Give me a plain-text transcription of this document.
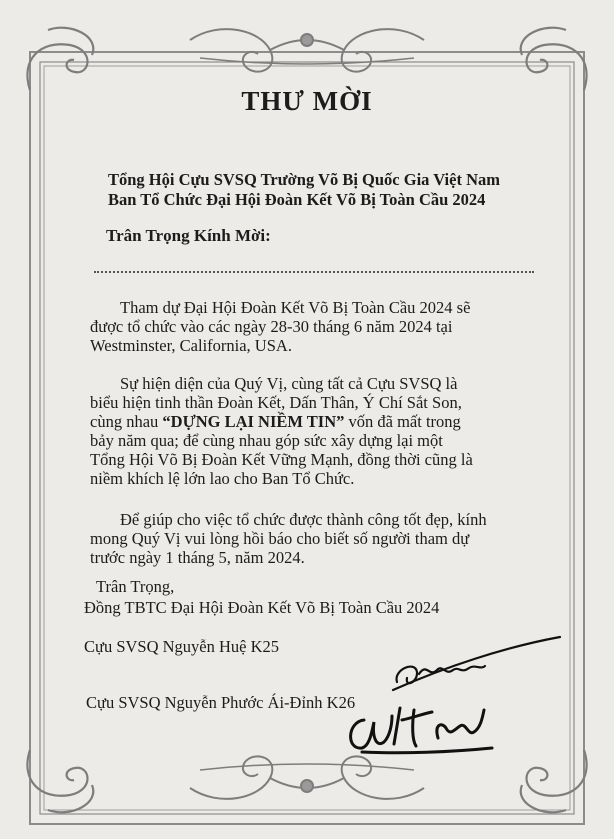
THƯ MỜI
Tổng Hội Cựu SVSQ Trường Võ Bị Quốc Gia Việt Nam
Ban Tổ Chức Đại Hội Đoàn Kết Võ Bị Toàn Cầu 2024
Trân Trọng Kính Mời:
Tham dự Đại Hội Đoàn Kết Võ Bị Toàn Cầu 2024 sẽ
được tổ chức vào các ngày 28-30 tháng 6 năm 2024 tại
Westminster, California, USA.
Sự hiện diện của Quý Vị, cùng tất cả Cựu SVSQ là
biểu hiện tinh thần Đoàn Kết, Dấn Thân, Ý Chí Sắt Son,
cùng nhau “DỰNG LẠI NIỀM TIN” vốn đã mất trong
bảy năm qua; để cùng nhau góp sức xây dựng lại một
Tổng Hội Võ Bị Đoàn Kết Vững Mạnh, đồng thời cũng là
niềm khích lệ lớn lao cho Ban Tổ Chức.
Để giúp cho việc tổ chức được thành công tốt đẹp, kính
mong Quý Vị vui lòng hồi báo cho biết số người tham dự
trước ngày 1 tháng 5, năm 2024.
Trân Trọng,
Đồng TBTC Đại Hội Đoàn Kết Võ Bị Toàn Cầu 2024
Cựu SVSQ Nguyễn Huệ K25
Cựu SVSQ Nguyễn Phước Ái-Đỉnh K26
